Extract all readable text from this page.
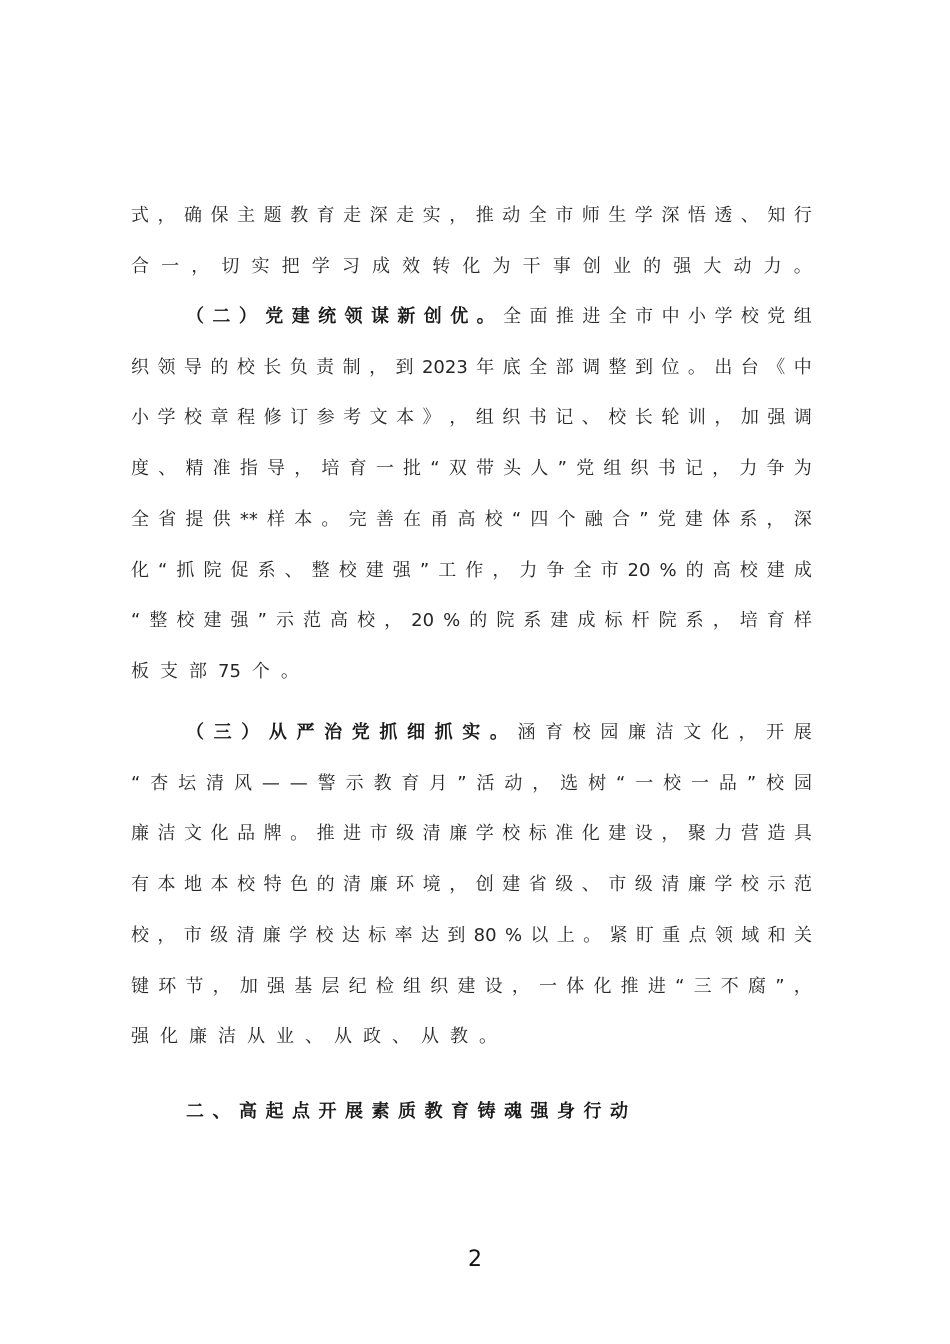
式 ， 确 保 主 题 教 育 走 深 走 实 ， 推 动 全 市 师 生 学 深 悟 透 、 知 行
合 一 ， 切 实 把 学 习 成 效 转 化 为 干 事 创 业 的 强 大 动 力 。
（ 二 ） 党 建 统 领 谋 新 创 优 。 全 面 推 进 全 市 中 小 学 校 党 组
织 领 导 的 校 长 负 责 制 ， 到 2023 年 底 全 部 调 整 到 位 。 出 台 《 中
小 学 校 章 程 修 订 参 考 文 本 》 ， 组 织 书 记 、 校 长 轮 训 ， 加 强 调
度 、 精 准 指 导 ， 培 育 一 批 “ 双 带 头 人 ” 党 组 织 书 记 ， 力 争 为
全 省 提 供 ** 样 本 。 完 善 在 甬 高 校 “ 四 个 融 合 ” 党 建 体 系 ， 深
化 “ 抓 院 促 系 、 整 校 建 强 ” 工 作 ， 力 争 全 市 20 % 的 高 校 建 成
“ 整 校 建 强 ” 示 范 高 校 ， 20 % 的 院 系 建 成 标 杆 院 系 ， 培 育 样
板 支 部 75 个 。
（ 三 ） 从 严 治 党 抓 细 抓 实 。 涵 育 校 园 廉 洁 文 化 ， 开 展
“ 杏 坛 清 风 — — 警 示 教 育 月 ” 活 动 ， 选 树 “ 一 校 一 品 ” 校 园
廉 洁 文 化 品 牌 。 推 进 市 级 清 廉 学 校 标 准 化 建 设 ， 聚 力 营 造 具
有 本 地 本 校 特 色 的 清 廉 环 境 ， 创 建 省 级 、 市 级 清 廉 学 校 示 范
校 ， 市 级 清 廉 学 校 达 标 率 达 到 80 % 以 上 。 紧 盯 重 点 领 域 和 关
键 环 节 ， 加 强 基 层 纪 检 组 织 建 设 ， 一 体 化 推 进 “ 三 不 腐 ” ，
强 化 廉 洁 从 业 、 从 政 、 从 教 。
二、高起点开展素质教育铸魂强身行动
2
